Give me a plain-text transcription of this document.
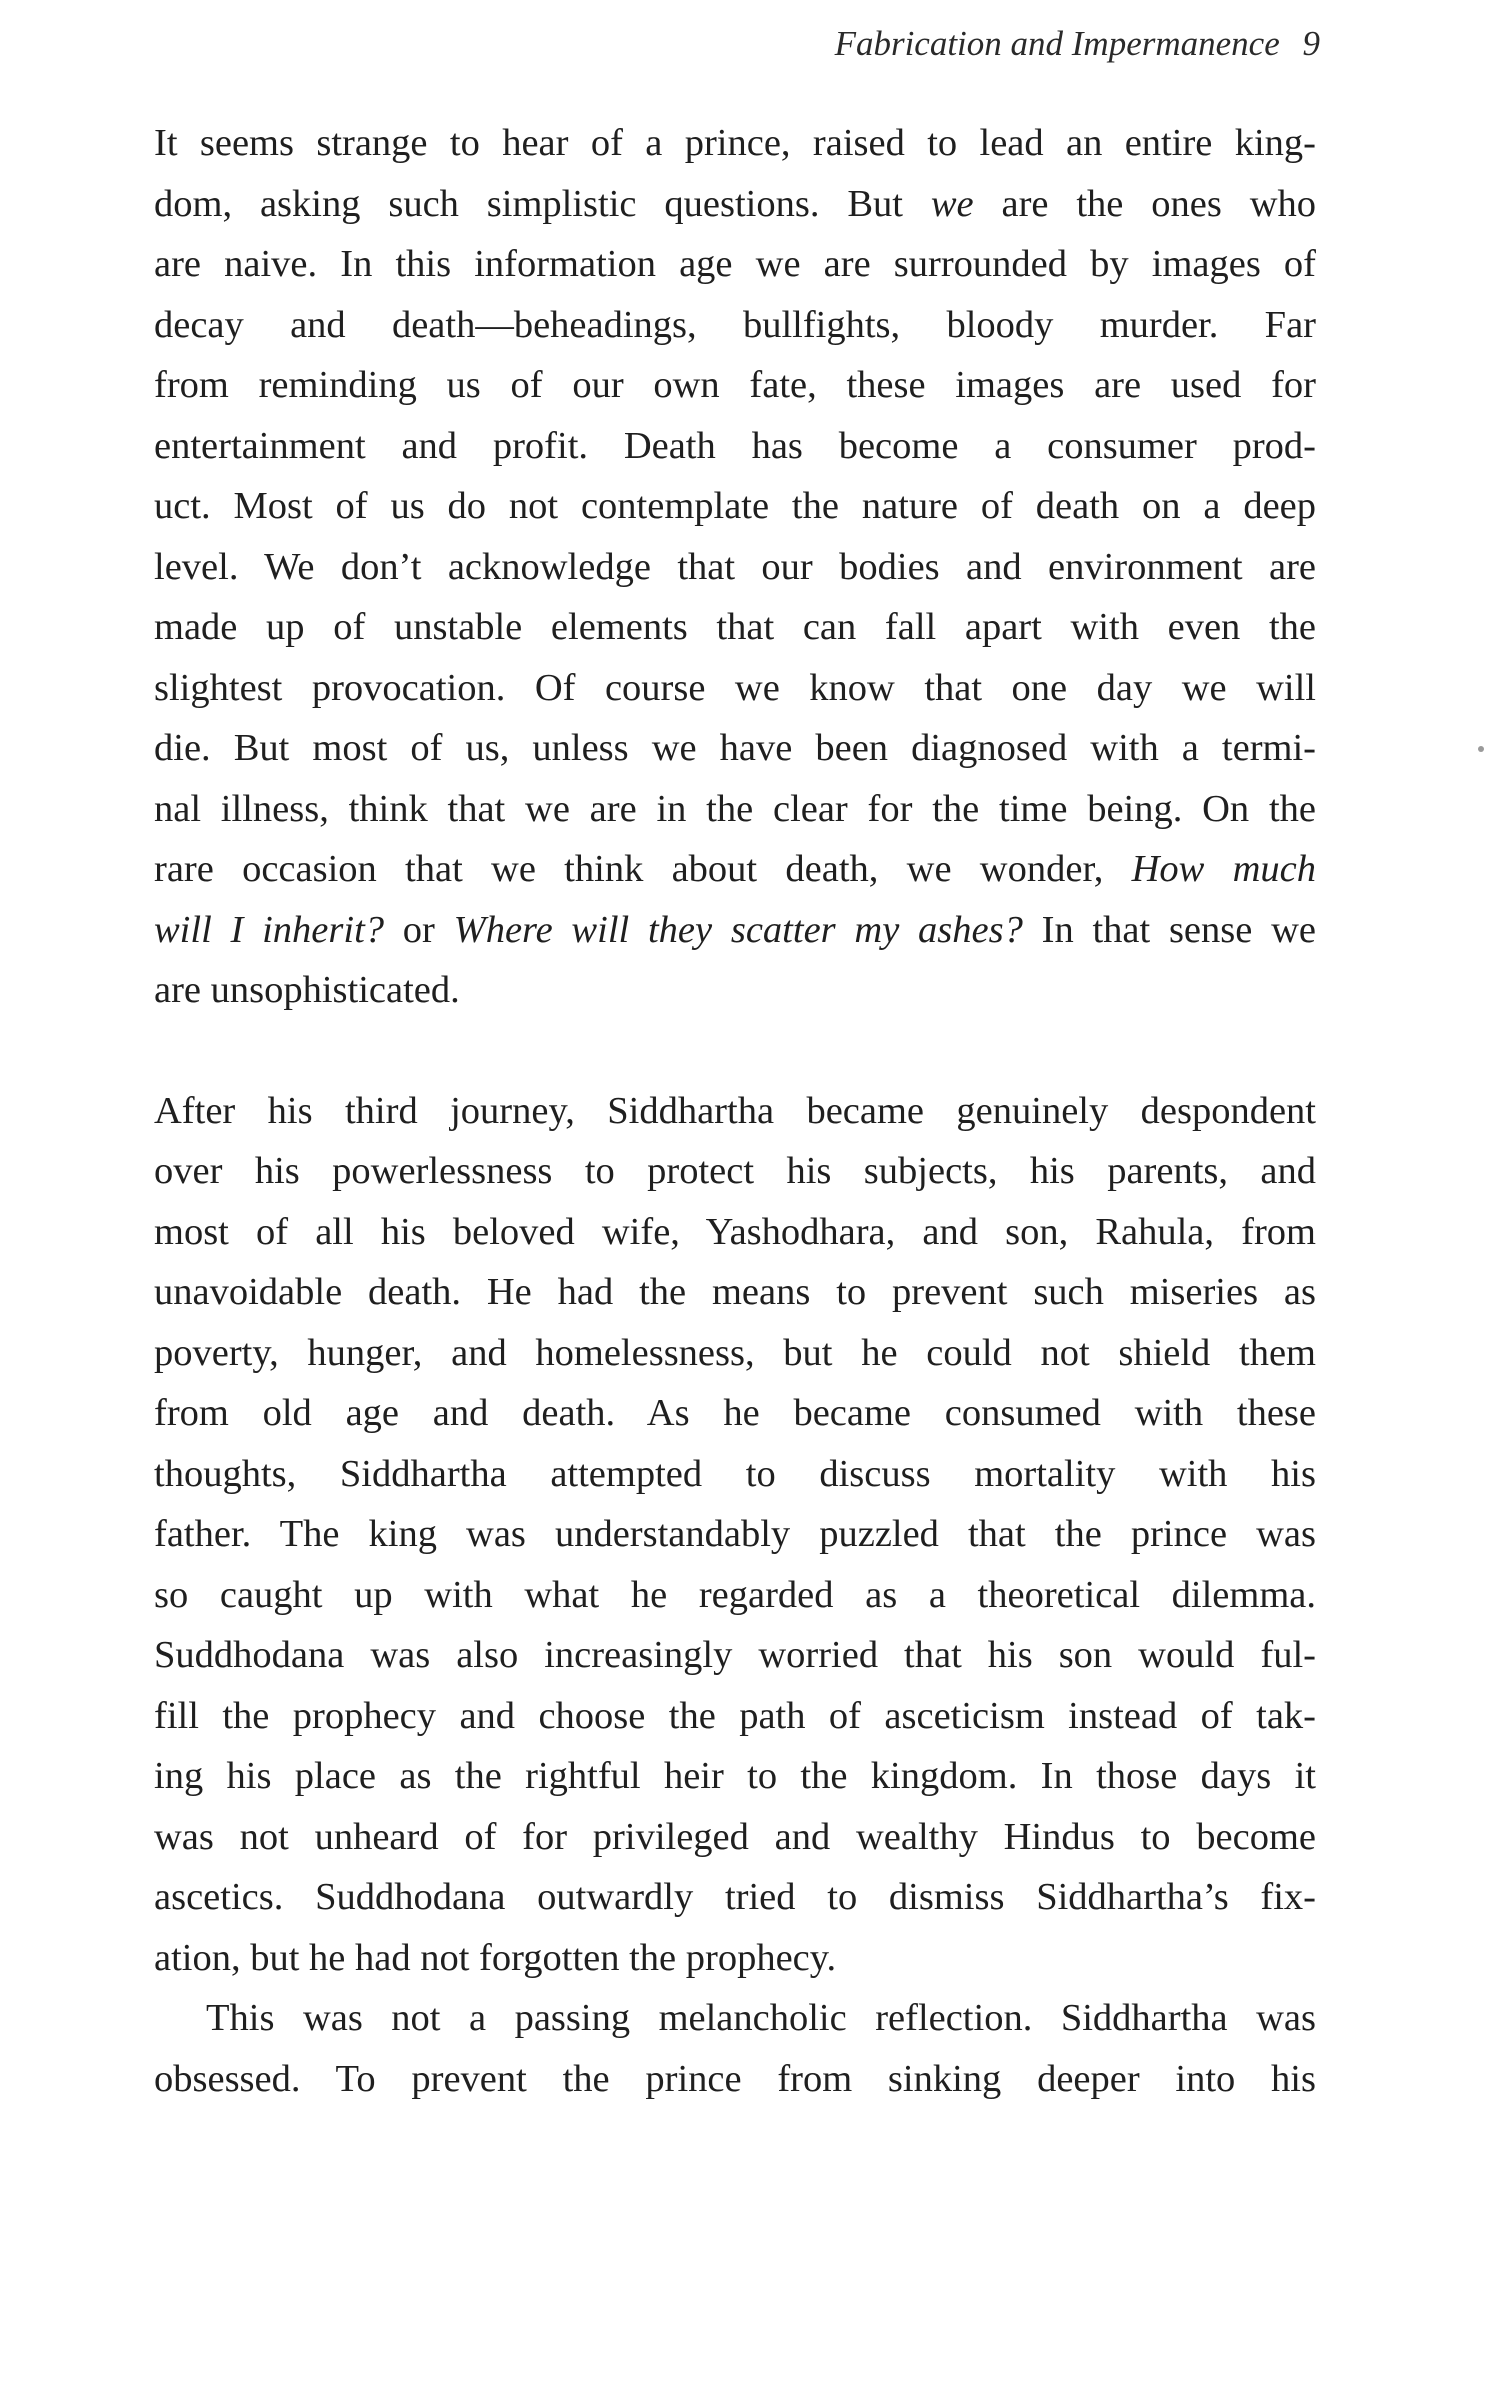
Fabrication and Impermanence 9
It seems strange to hear of a prince, raised to lead an entire king-
dom, asking such simplistic questions. But we are the ones who
are naive. In this information age we are surrounded by images of
decay and death—beheadings, bullfights, bloody murder. Far
from reminding us of our own fate, these images are used for
entertainment and profit. Death has become a consumer prod-
uct. Most of us do not contemplate the nature of death on a deep
level. We don’t acknowledge that our bodies and environment are
made up of unstable elements that can fall apart with even the
slightest provocation. Of course we know that one day we will
die. But most of us, unless we have been diagnosed with a termi-
nal illness, think that we are in the clear for the time being. On the
rare occasion that we think about death, we wonder, How much
will I inherit? or Where will they scatter my ashes? In that sense we
are unsophisticated.
After his third journey, Siddhartha became genuinely despondent
over his powerlessness to protect his subjects, his parents, and
most of all his beloved wife, Yashodhara, and son, Rahula, from
unavoidable death. He had the means to prevent such miseries as
poverty, hunger, and homelessness, but he could not shield them
from old age and death. As he became consumed with these
thoughts, Siddhartha attempted to discuss mortality with his
father. The king was understandably puzzled that the prince was
so caught up with what he regarded as a theoretical dilemma.
Suddhodana was also increasingly worried that his son would ful-
fill the prophecy and choose the path of asceticism instead of tak-
ing his place as the rightful heir to the kingdom. In those days it
was not unheard of for privileged and wealthy Hindus to become
ascetics. Suddhodana outwardly tried to dismiss Siddhartha’s fix-
ation, but he had not forgotten the prophecy.
This was not a passing melancholic reflection. Siddhartha was
obsessed. To prevent the prince from sinking deeper into his
